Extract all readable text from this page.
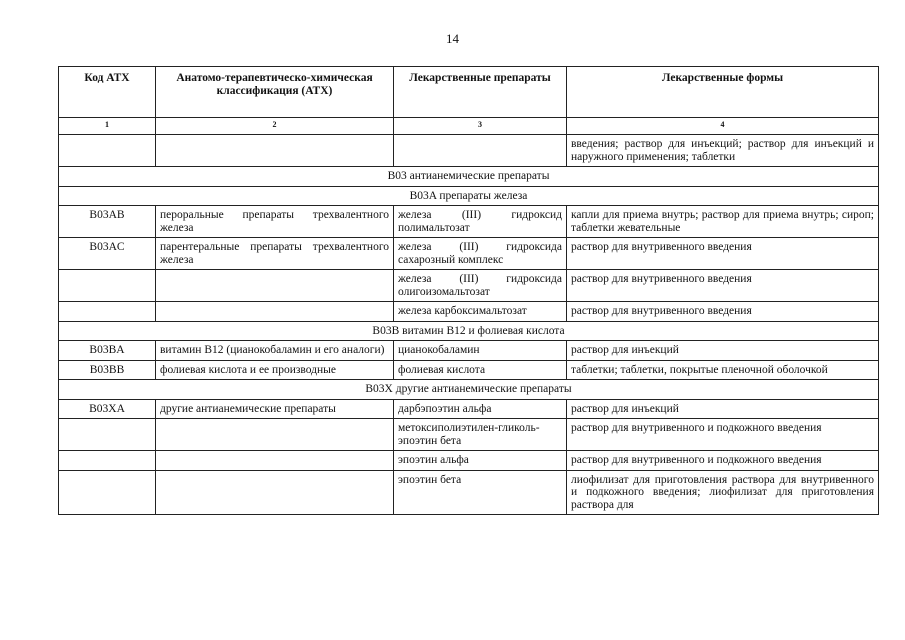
14
Код АТХ	Анатомо-терапевтическо-химическая классификация (АТХ)	Лекарственные препараты	Лекарственные формы
1	2	3	4
			введения; раствор для инъекций; раствор для инъекций и наружного применения; таблетки
B03 антианемические препараты			
B03A препараты железа			
B03AB	пероральные препараты трехвалентного железа	железа (III) гидроксид полимальтозат	капли для приема внутрь; раствор для приема внутрь; сироп; таблетки жевательные
B03AC	парентеральные препараты трехвалентного железа	железа (III) гидроксида сахарозный комплекс	раствор для внутривенного введения
		железа (III) гидроксида олигоизомальтозат	раствор для внутривенного введения
		железа карбоксимальтозат	раствор для внутривенного введения
B03B витамин B12 и фолиевая кислота			
B03BA	витамин B12 (цианокобаламин и его аналоги)	цианокобаламин	раствор для инъекций
B03BB	фолиевая кислота и ее производные	фолиевая кислота	таблетки; таблетки, покрытые пленочной оболочкой
B03X другие антианемические препараты			
B03XA	другие антианемические препараты	дарбэпоэтин альфа	раствор для инъекций
		метоксиполиэтилен-гликоль-эпоэтин бета	раствор для внутривенного и подкожного введения
		эпоэтин альфа	раствор для внутривенного и подкожного введения
		эпоэтин бета	лиофилизат для приготовления раствора для внутривенного и подкожного введения; лиофилизат для приготовления раствора для
